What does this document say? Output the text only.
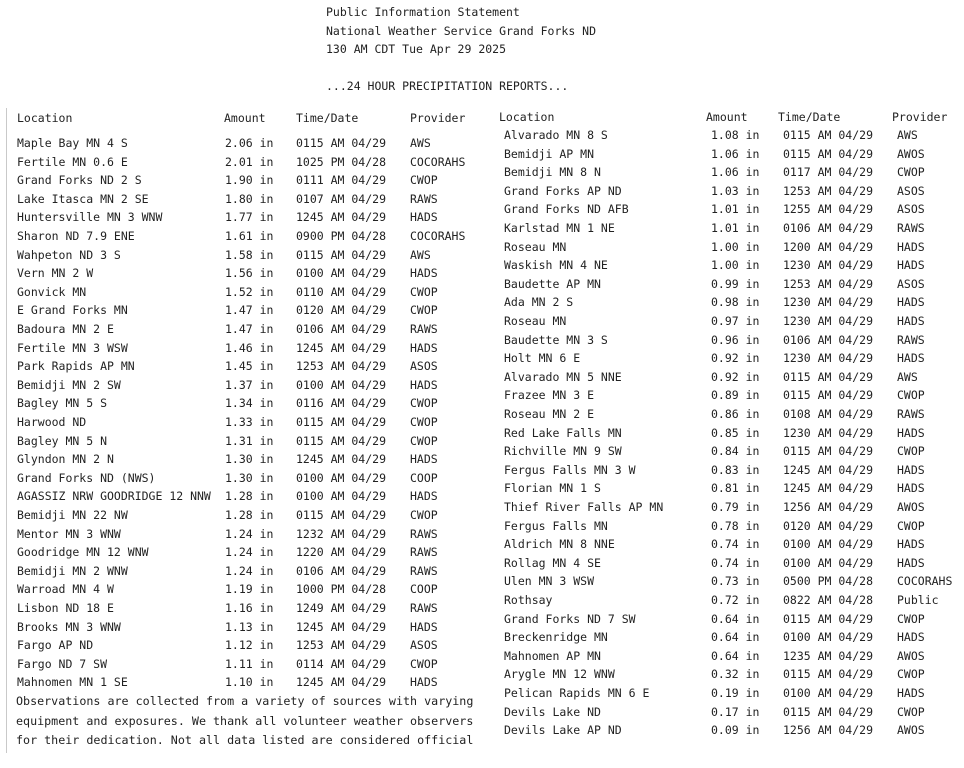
Public Information Statement
National Weather Service Grand Forks ND
130 AM CDT Tue Apr 29 2025
...24 HOUR PRECIPITATION REPORTS...
Location	Amount	Time/Date	Provider
Maple Bay MN 4 S	2.06 in 0115 AM 04/29 AWS
Fertile MN 0.6 E	2.01 in 1025 PM 04/28 COCORAHS
Grand Forks ND 2 S	1.90 in 0111 AM 04/29 CWOP
Lake Itasca MN 2 SE	1.80 in 0107 AM 04/29 RAWS
Huntersville MN 3 WNW	1.77 in 1245 AM 04/29 HADS
Sharon ND 7.9 ENE	1.61 in 0900 PM 04/28 COCORAHS
Wahpeton ND 3 S	1.58 in 0115 AM 04/29 AWS
Vern MN 2 W	1.56 in 0100 AM 04/29 HADS
Gonvick MN	1.52 in 0110 AM 04/29 CWOP
E Grand Forks MN	1.47 in 0120 AM 04/29 CWOP
Badoura MN 2 E	1.47 in 0106 AM 04/29 RAWS
Fertile MN 3 WSW	1.46 in 1245 AM 04/29 HADS
Park Rapids AP MN	1.45 in 1253 AM 04/29 ASOS
Bemidji MN 2 SW	1.37 in 0100 AM 04/29 HADS
Bagley MN 5 S	1.34 in 0116 AM 04/29 CWOP
Harwood ND	1.33 in 0115 AM 04/29 CWOP
Bagley MN 5 N	1.31 in 0115 AM 04/29 CWOP
Glyndon MN 2 N	1.30 in 1245 AM 04/29 HADS
Grand Forks ND (NWS)	1.30 in 0100 AM 04/29 COOP
AGASSIZ NRW GOODRIDGE 12 NNW 1.28 in 0100 AM 04/29 HADS
Bemidji MN 22 NW	1.28 in 0115 AM 04/29 CWOP
Mentor MN 3 WNW	1.24 in 1232 AM 04/29 RAWS
Goodridge MN 12 WNW	1.24 in 1220 AM 04/29 RAWS
Bemidji MN 2 WNW	1.24 in 0106 AM 04/29 RAWS
Warroad MN 4 W	1.19 in 1000 PM 04/28 COOP
Lisbon ND 18 E	1.16 in 1249 AM 04/29 RAWS
Brooks MN 3 WNW	1.13 in 1245 AM 04/29 HADS
Fargo AP ND	1.12 in 1253 AM 04/29 ASOS
Fargo ND 7 SW	1.11 in 0114 AM 04/29 CWOP
Mahnomen MN 1 SE	1.10 in 1245 AM 04/29 HADS
Location	Amount	Time/Date	Provider
Alvarado MN 8 S	1.08 in 0115 AM 04/29 AWS
Bemidji AP MN	1.06 in 0115 AM 04/29 AWOS
Bemidji MN 8 N	1.06 in 0117 AM 04/29 CWOP
Grand Forks AP ND	1.03 in 1253 AM 04/29 ASOS
Grand Forks ND AFB	1.01 in 1255 AM 04/29 ASOS
Karlstad MN 1 NE	1.01 in 0106 AM 04/29 RAWS
Roseau MN	1.00 in 1200 AM 04/29 HADS
Waskish MN 4 NE	1.00 in 1230 AM 04/29 HADS
Baudette AP MN	0.99 in 1253 AM 04/29 ASOS
Ada MN 2 S	0.98 in 1230 AM 04/29 HADS
Roseau MN	0.97 in 1230 AM 04/29 HADS
Baudette MN 3 S	0.96 in 0106 AM 04/29 RAWS
Holt MN 6 E	0.92 in 1230 AM 04/29 HADS
Alvarado MN 5 NNE	0.92 in 0115 AM 04/29 AWS
Frazee MN 3 E	0.89 in 0115 AM 04/29 CWOP
Roseau MN 2 E	0.86 in 0108 AM 04/29 RAWS
Red Lake Falls MN	0.85 in 1230 AM 04/29 HADS
Richville MN 9 SW	0.84 in 0115 AM 04/29 CWOP
Fergus Falls MN 3 W	0.83 in 1245 AM 04/29 HADS
Florian MN 1 S	0.81 in 1245 AM 04/29 HADS
Thief River Falls AP MN	0.79 in 1256 AM 04/29 AWOS
Fergus Falls MN	0.78 in 0120 AM 04/29 CWOP
Aldrich MN 8 NNE	0.74 in 0100 AM 04/29 HADS
Rollag MN 4 SE	0.74 in 0100 AM 04/29 HADS
Ulen MN 3 WSW	0.73 in 0500 PM 04/28 COCORAHS
Rothsay	0.72 in 0822 AM 04/28 Public
Grand Forks ND 7 SW	0.64 in 0115 AM 04/29 CWOP
Breckenridge MN	0.64 in 0100 AM 04/29 HADS
Mahnomen AP MN	0.64 in 1235 AM 04/29 AWOS
Arygle MN 12 WNW	0.32 in 0115 AM 04/29 CWOP
Pelican Rapids MN 6 E	0.19 in 0100 AM 04/29 HADS
Devils Lake ND	0.17 in 0115 AM 04/29 CWOP
Devils Lake AP ND	0.09 in 1256 AM 04/29 AWOS
Observations are collected from a variety of sources with varying
equipment and exposures. We thank all volunteer weather observers
for their dedication. Not all data listed are considered official
